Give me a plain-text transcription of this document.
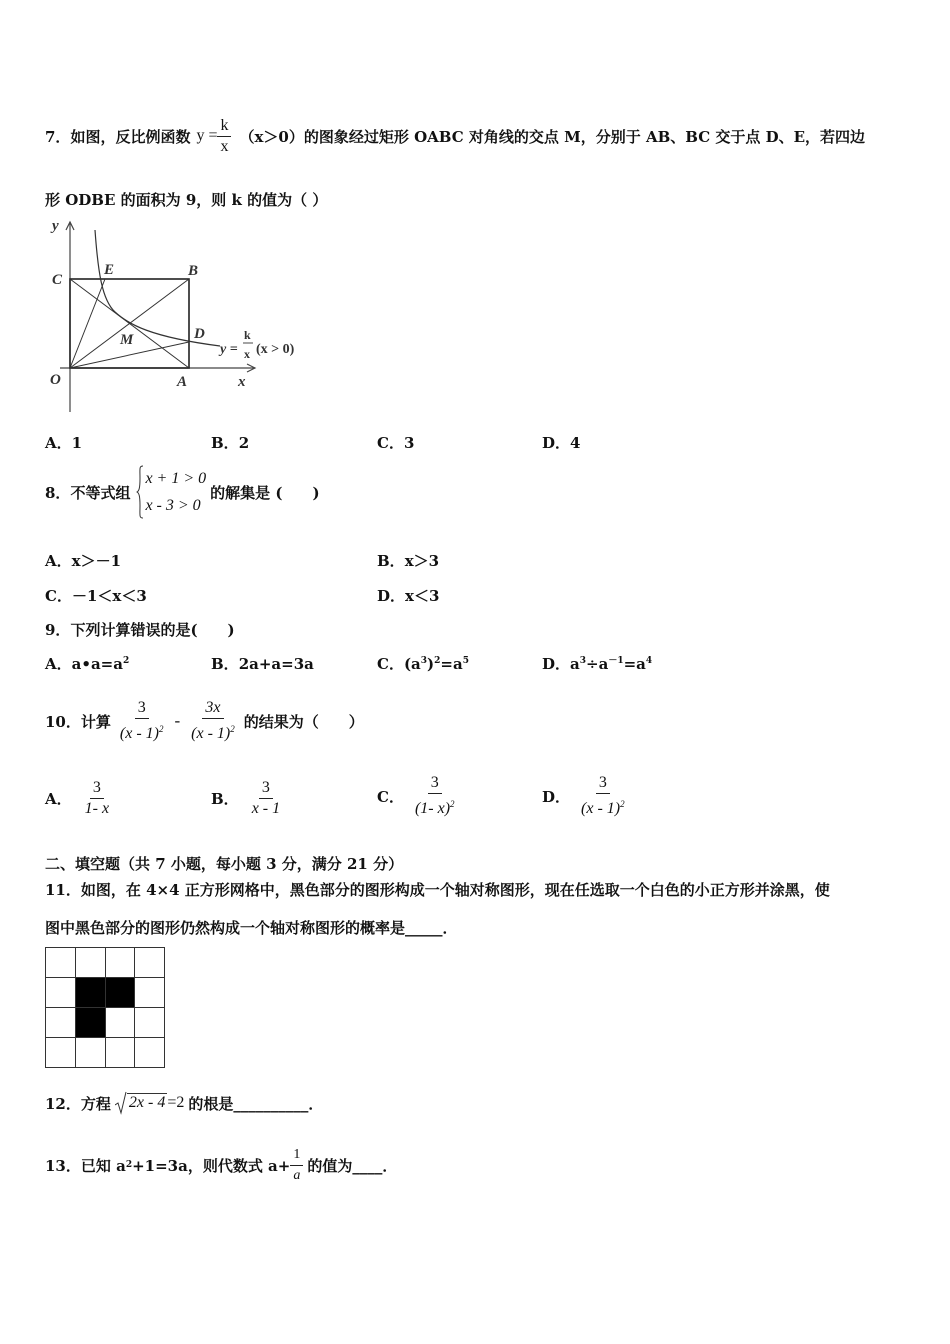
7． 如图，反比例函数 $y = \frac{k}{x} (x>0)$的图象经过矩形 OABC 对角线的交点 M，分别于 AB、BC 交于点 D、E，若四边
形 ODBE 的面积为 9，则 k 的值为（ ）
y
x
O	A
B
C
D
E
M
y =
k
x (x > 0)
A．1	B．2	C．3	D．4
8． 不等式组
x + 1 > 0
x - 3 > 0
的解集是 (　　)
A．x＞－1	B．x＞3
C．－1＜x＜3	D．x＜3
9．下列计算错误的是(　　)
A．$a•a=a^2$	B．2a+a=3a	C．$(a^3)^2=a^5$	D．$a^3\div a^{-1}=a^4$
10． 计算 $\frac{3}{(x - 1)^2} - \frac{3x}{(x - 1)^2}$ 的结果为（　　）
A． $\frac{3}{1- x}$	B． $\frac{3}{x - 1}$	C． $\frac{3}{(1- x)^2}$	D． $\frac{3}{(x - 1)^2}$
二、填空题（共 7 小题，每小题 3 分，满分 21 分）
11．如图，在 4×4 正方形网格中，黑色部分的图形构成一个轴对称图形，现在任选取一个白色的小正方形并涂黑，使
图中黑色部分的图形仍然构成一个轴对称图形的概率是_____．

12． 方程	2x - 4 =2 的根是__________．
13． 已知 a 2 +1=3a，则代数式 $a+ \frac{1}{a}$ 的值为____．
